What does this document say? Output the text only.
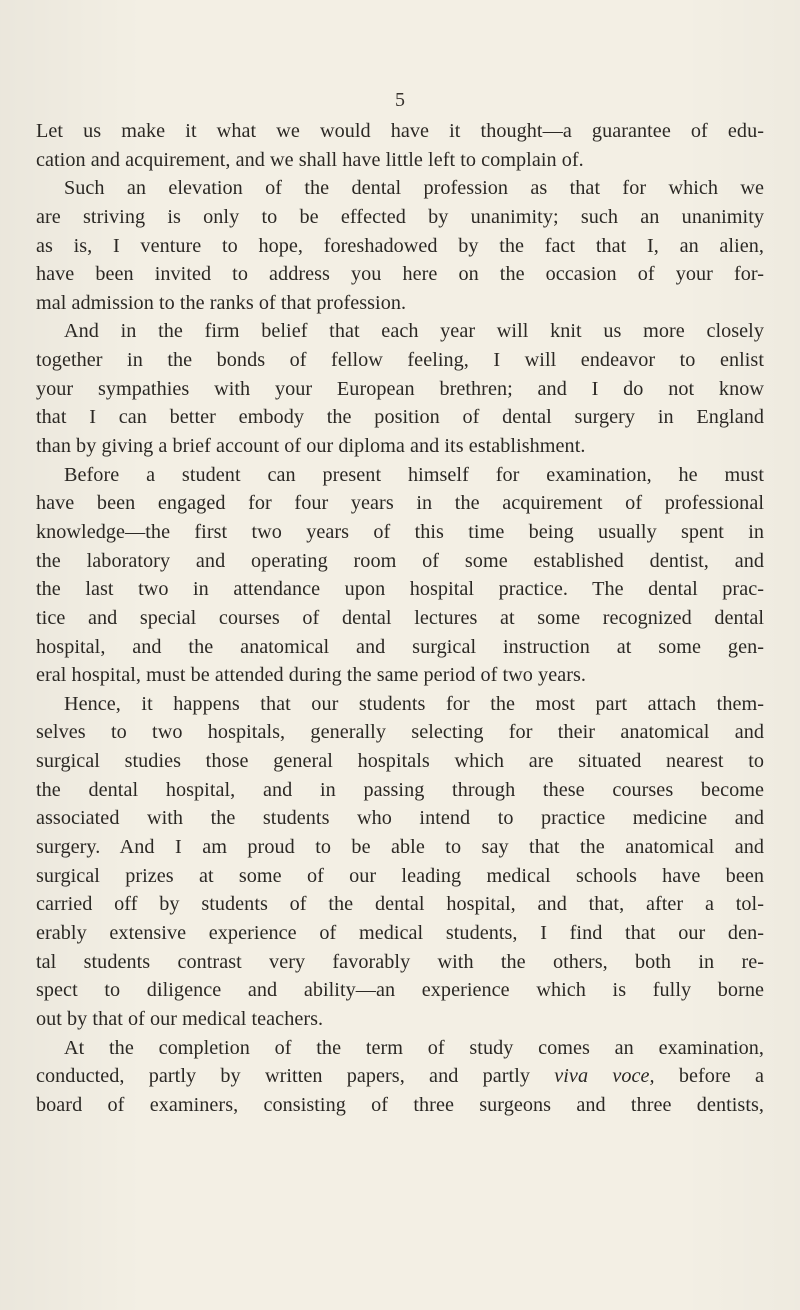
5
Let us make it what we would have it thought—a guarantee of edu-
cation and acquirement, and we shall have little left to complain of.
Such an elevation of the dental profession as that for which we
are striving is only to be effected by unanimity; such an unanimity
as is, I venture to hope, foreshadowed by the fact that I, an alien,
have been invited to address you here on the occasion of your for-
mal admission to the ranks of that profession.
And in the firm belief that each year will knit us more closely
together in the bonds of fellow feeling, I will endeavor to enlist
your sympathies with your European brethren; and I do not know
that I can better embody the position of dental surgery in England
than by giving a brief account of our diploma and its establishment.
Before a student can present himself for examination, he must
have been engaged for four years in the acquirement of professional
knowledge—the first two years of this time being usually spent in
the laboratory and operating room of some established dentist, and
the last two in attendance upon hospital practice. The dental prac-
tice and special courses of dental lectures at some recognized dental
hospital, and the anatomical and surgical instruction at some gen-
eral hospital, must be attended during the same period of two years.
Hence, it happens that our students for the most part attach them-
selves to two hospitals, generally selecting for their anatomical and
surgical studies those general hospitals which are situated nearest to
the dental hospital, and in passing through these courses become
associated with the students who intend to practice medicine and
surgery. And I am proud to be able to say that the anatomical and
surgical prizes at some of our leading medical schools have been
carried off by students of the dental hospital, and that, after a tol-
erably extensive experience of medical students, I find that our den-
tal students contrast very favorably with the others, both in re-
spect to diligence and ability—an experience which is fully borne
out by that of our medical teachers.
At the completion of the term of study comes an examination,
conducted, partly by written papers, and partly viva voce, before a
board of examiners, consisting of three surgeons and three dentists,
